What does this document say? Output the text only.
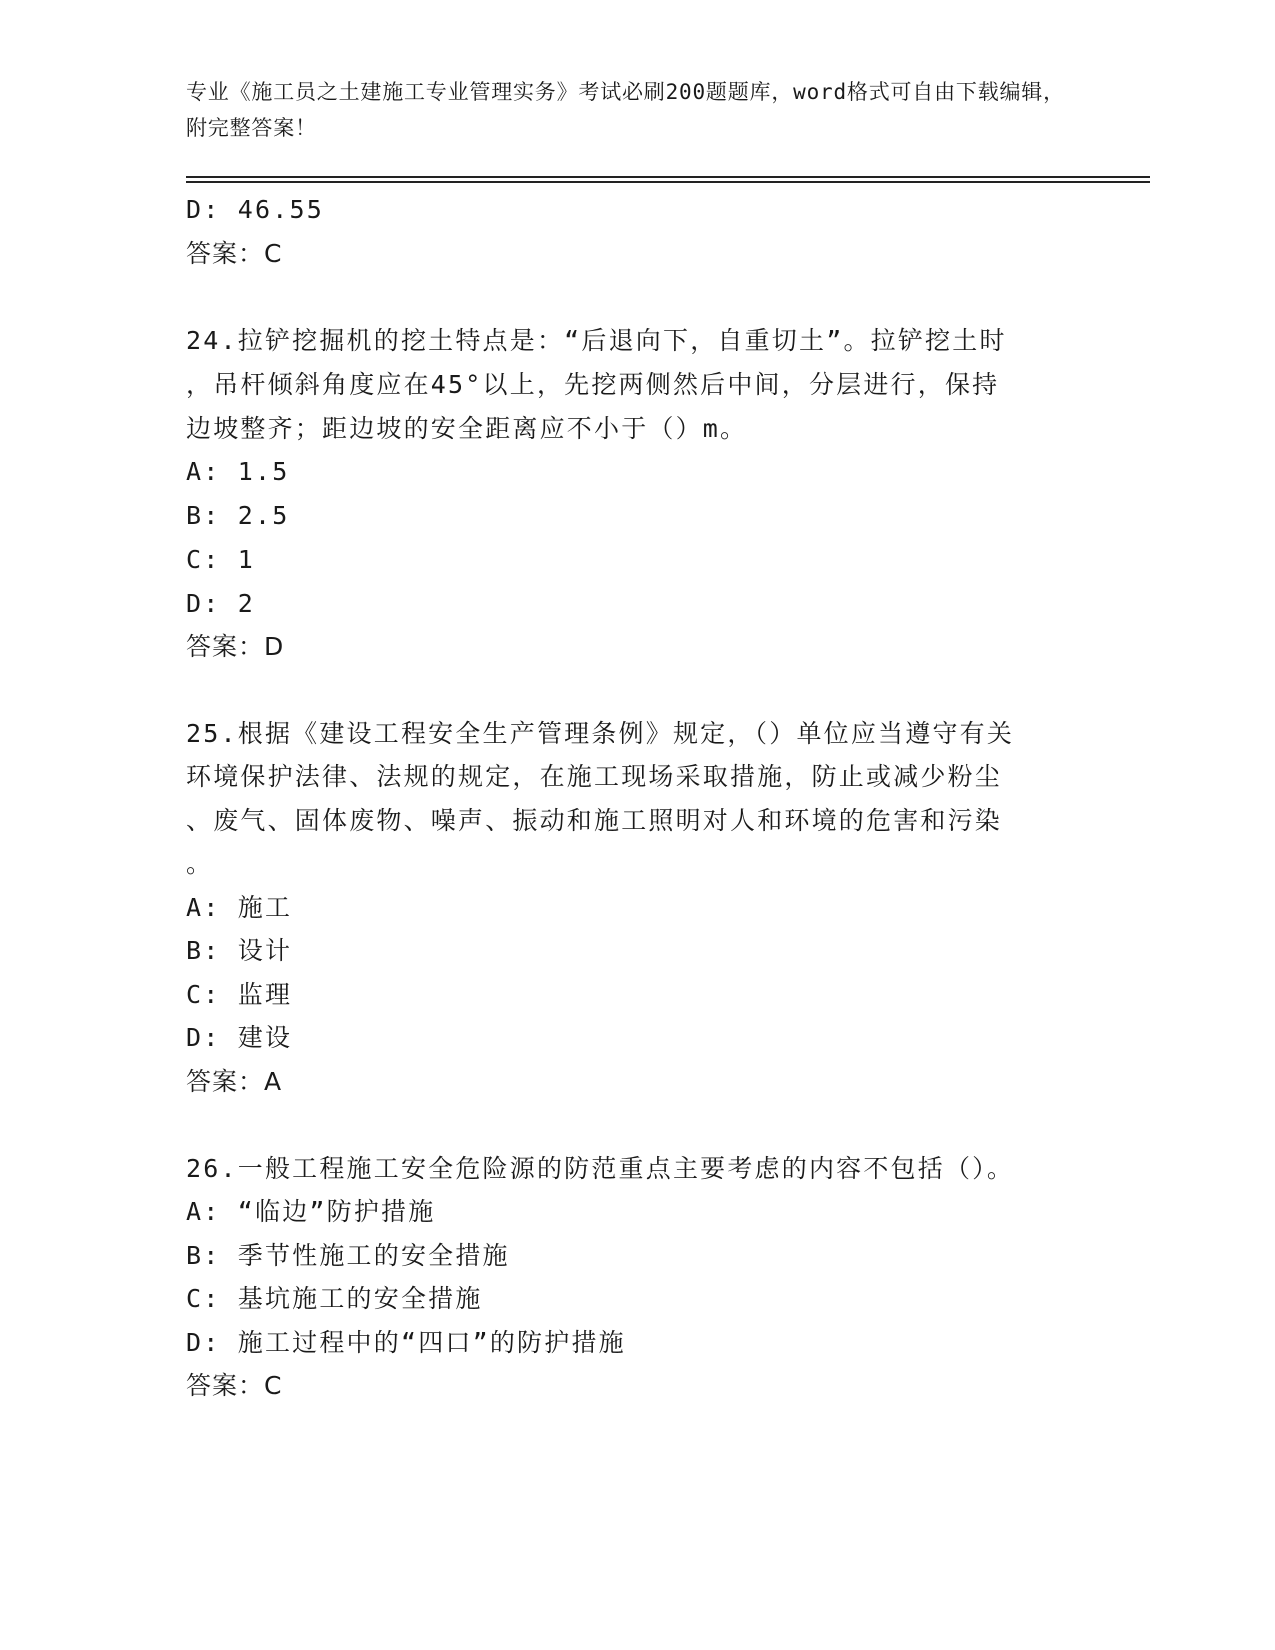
专业《施工员之土建施工专业管理实务》考试必刷200题题库，word格式可自由下载编辑，附完整答案！
D: 46.55
答案：C
24.拉铲挖掘机的挖土特点是：“后退向下，自重切土”。拉铲挖土时
，吊杆倾斜角度应在45°以上，先挖两侧然后中间，分层进行，保持
边坡整齐；距边坡的安全距离应不小于（）m。
A: 1.5
B: 2.5
C: 1
D: 2
答案：D
25.根据《建设工程安全生产管理条例》规定，（）单位应当遵守有关
环境保护法律、法规的规定，在施工现场采取措施，防止或减少粉尘
、废气、固体废物、噪声、振动和施工照明对人和环境的危害和污染
。
A: 施工
B: 设计
C: 监理
D: 建设
答案：A
26.一般工程施工安全危险源的防范重点主要考虑的内容不包括（）。
A: “临边”防护措施
B: 季节性施工的安全措施
C: 基坑施工的安全措施
D: 施工过程中的“四口”的防护措施
答案：C
